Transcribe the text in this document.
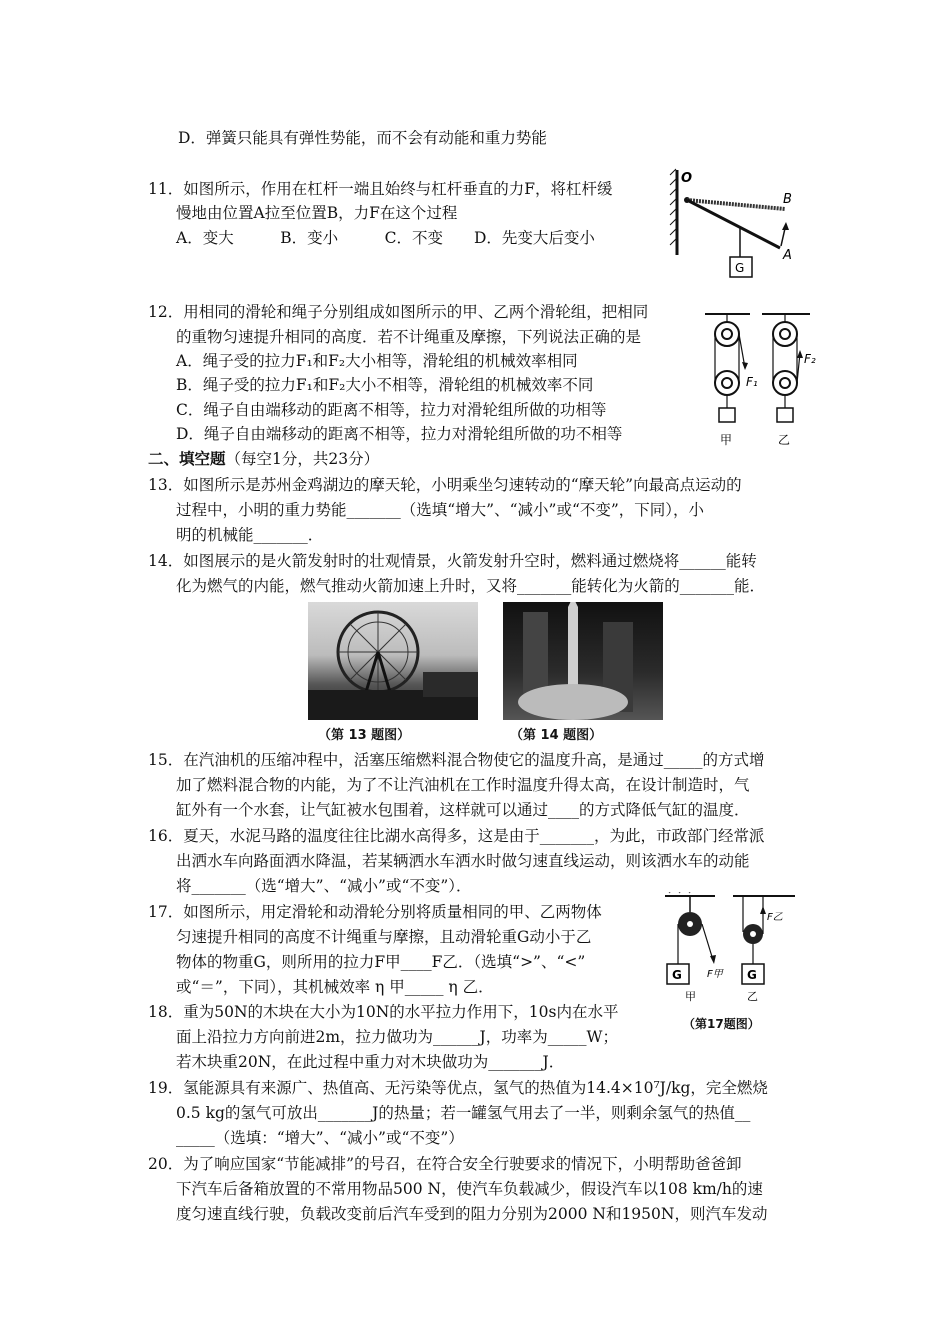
D．弹簧只能具有弹性势能，而不会有动能和重力势能
11．如图所示，作用在杠杆一端且始终与杠杆垂直的力F，将杠杆缓
慢地由位置A拉至位置B，力F在这个过程
A．变大　　　B．变小　　　C．不变　　D．先变大后变小
O
B
A
G
12．用相同的滑轮和绳子分别组成如图所示的甲、乙两个滑轮组，把相同
的重物匀速提升相同的高度．若不计绳重及摩擦，下列说法正确的是
A．绳子受的拉力F₁和F₂大小相等，滑轮组的机械效率相同
B．绳子受的拉力F₁和F₂大小不相等，滑轮组的机械效率不同
C．绳子自由端移动的距离不相等，拉力对滑轮组所做的功相等
D．绳子自由端移动的距离不相等，拉力对滑轮组所做的功不相等
F₁
F₂
甲	乙
二、填空题（每空1分，共23分）
13．如图所示是苏州金鸡湖边的摩天轮，小明乘坐匀速转动的“摩天轮”向最高点运动的
过程中，小明的重力势能_______（选填“增大”、“减小”或“不变”，下同），小
明的机械能_______．
14．如图展示的是火箭发射时的壮观情景，火箭发射升空时，燃料通过燃烧将______能转
化为燃气的内能，燃气推动火箭加速上升时，又将_______能转化为火箭的_______能．
（第 13 题图）	（第 14 题图）
15．在汽油机的压缩冲程中，活塞压缩燃料混合物使它的温度升高，是通过_____的方式增
加了燃料混合物的内能，为了不让汽油机在工作时温度升得太高，在设计制造时，气
缸外有一个水套，让气缸被水包围着，这样就可以通过____的方式降低气缸的温度．
16．夏天，水泥马路的温度往往比湖水高得多，这是由于_______，为此，市政部门经常派
出洒水车向路面洒水降温，若某辆洒水车洒水时做匀速直线运动，则该洒水车的动能
将_______（选“增大”、“减小”或“不变”）．
17．如图所示，用定滑轮和动滑轮分别将质量相同的甲、乙两物体
匀速提升相同的高度不计绳重与摩擦，且动滑轮重G动小于乙
物体的物重G，则所用的拉力F甲____F乙．（选填“>”、“<”
或“＝”，下同），其机械效率 η 甲_____ η 乙．
G	F甲
F乙
G
甲	乙
（第17题图）
18．重为50N的木块在大小为10N的水平拉力作用下，10s内在水平
面上沿拉力方向前进2m，拉力做功为______J，功率为_____W；
若木块重20N，在此过程中重力对木块做功为_______J．
19．氢能源具有来源广、热值高、无污染等优点，氢气的热值为14.4×10⁷J/kg，完全燃烧
0.5 kg的氢气可放出_______J的热量；若一罐氢气用去了一半，则剩余氢气的热值__
_____（选填：“增大”、“减小”或“不变”）
20．为了响应国家“节能减排”的号召，在符合安全行驶要求的情况下，小明帮助爸爸卸
下汽车后备箱放置的不常用物品500 N，使汽车负载减少，假设汽车以108 km/h的速
度匀速直线行驶，负载改变前后汽车受到的阻力分别为2000 N和1950N，则汽车发动
